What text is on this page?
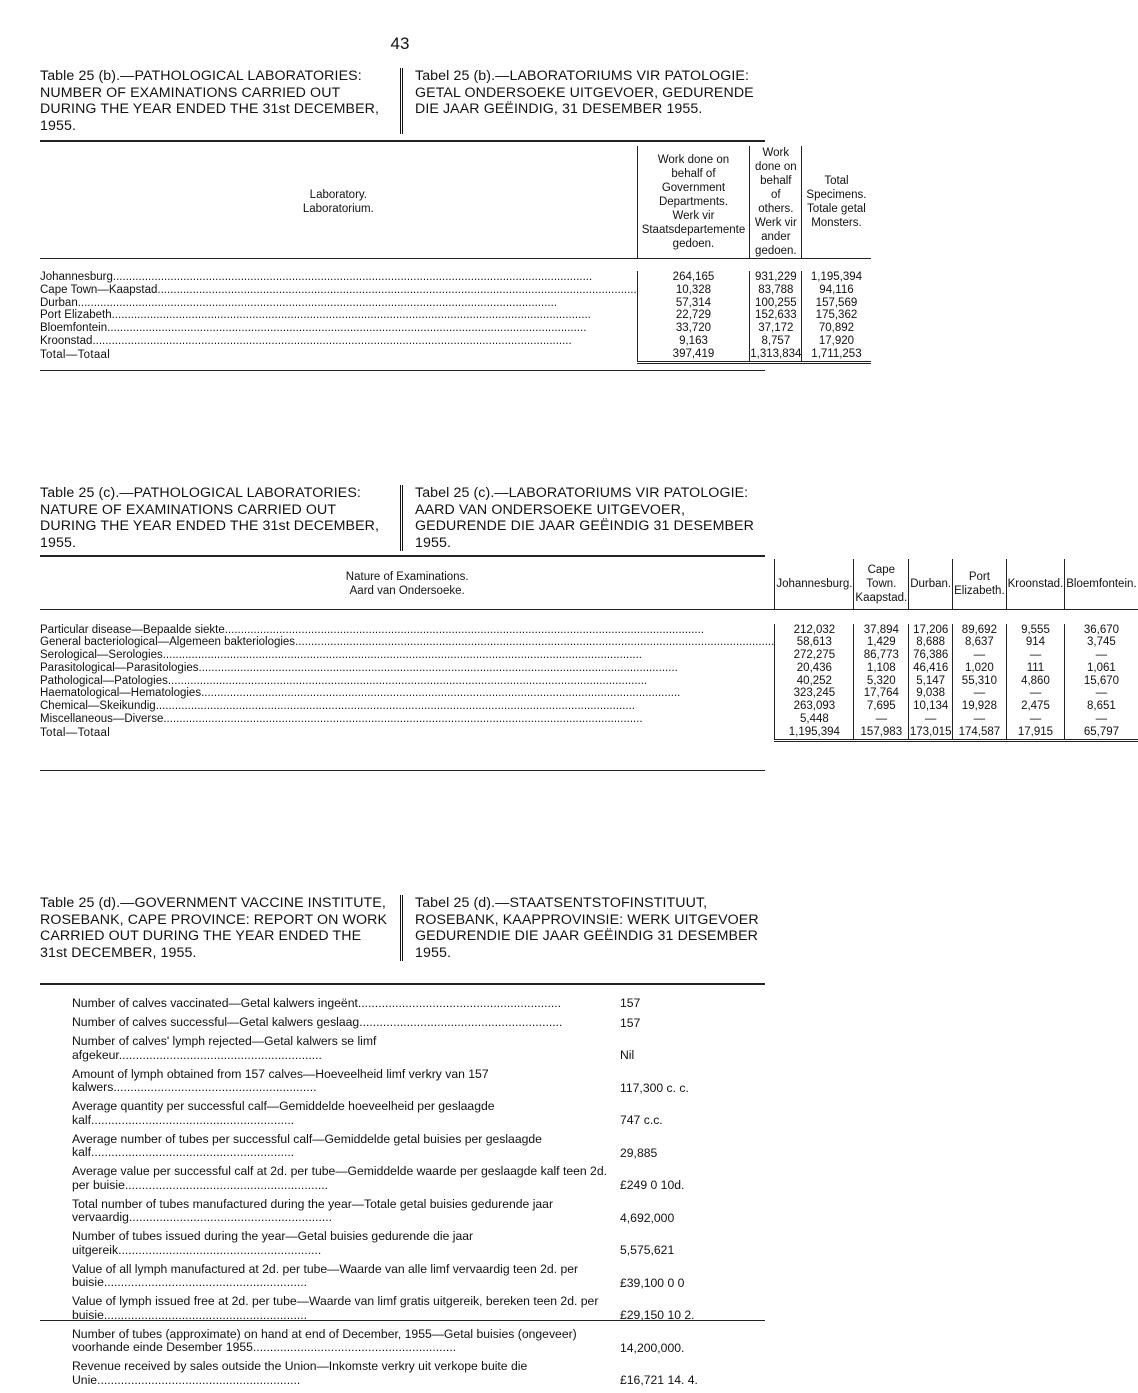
43
Table 25 (b).—PATHOLOGICAL LABORATORIES: NUMBER OF EXAMINATIONS CARRIED OUT DURING THE YEAR ENDED THE 31st DECEMBER, 1955.
Tabel 25 (b).—LABORATORIUMS VIR PATOLOGIE: GETAL ONDERSOEKE UITGEVOER, GEDURENDE DIE JAAR GEËINDIG, 31 DESEMBER 1955.
Laboratory.
Laboratorium.	Work done on behalf of Government Departments.
Werk vir Staatsdepartemente gedoen.	Work done on behalf of others.
Werk vir ander gedoen.	Total Specimens.
Totale getal Monsters.

Johannesburg......................................................................................................................................................	264,165	931,229	1,195,394
Cape Town—Kaapstad......................................................................................................................................................	10,328	83,788	94,116
Durban......................................................................................................................................................	57,314	100,255	157,569
Port Elizabeth......................................................................................................................................................	22,729	152,633	175,362
Bloemfontein......................................................................................................................................................	33,720	37,172	70,892
Kroonstad......................................................................................................................................................	9,163	8,757	17,920
Total—Totaal	397,419	1,313,834	1,711,253
Table 25 (c).—PATHOLOGICAL LABORATORIES: NATURE OF EXAMINATIONS CARRIED OUT DURING THE YEAR ENDED THE 31st DECEMBER, 1955.
Tabel 25 (c).—LABORATORIUMS VIR PATOLOGIE: AARD VAN ONDERSOEKE UITGEVOER, GEDURENDE DIE JAAR GEËINDIG 31 DESEMBER 1955.
Nature of Examinations.
Aard van Ondersoeke.	Johannesburg.	Cape Town. Kaapstad.	Durban.	Port Elizabeth.	Kroonstad.	Bloemfontein.

Particular disease—Bepaalde siekte......................................................................................................................................................	212,032	37,894	17,206	89,692	9,555	36,670
General bacteriological—Algemeen bakteriologies......................................................................................................................................................	58,613	1,429	8,688	8,637	914	3,745
Serological—Serologies......................................................................................................................................................	272,275	86,773	76,386	—	—	—
Parasitological—Parasitologies......................................................................................................................................................	20,436	1,108	46,416	1,020	111	1,061
Pathological—Patologies......................................................................................................................................................	40,252	5,320	5,147	55,310	4,860	15,670
Haematological—Hematologies......................................................................................................................................................	323,245	17,764	9,038	—	—	—
Chemical—Skeikundig......................................................................................................................................................	263,093	7,695	10,134	19,928	2,475	8,651
Miscellaneous—Diverse......................................................................................................................................................	5,448	—	—	—	—	—
Total—Totaal	1,195,394	157,983	173,015	174,587	17,915	65,797
Table 25 (d).—GOVERNMENT VACCINE INSTITUTE, ROSEBANK, CAPE PROVINCE: REPORT ON WORK CARRIED OUT DURING THE YEAR ENDED THE 31st DECEMBER, 1955.
Tabel 25 (d).—STAATSENTSTOFINSTITUUT, ROSEBANK, KAAPPROVINSIE: WERK UITGEVOER GEDURENDIE DIE JAAR GEËINDIG 31 DESEMBER 1955.
Number of calves vaccinated—Getal kalwers ingeënt............................................................	157
Number of calves successful—Getal kalwers geslaag............................................................	157
Number of calves' lymph rejected—Getal kalwers se limf afgekeur............................................................	Nil
Amount of lymph obtained from 157 calves—Hoeveelheid limf verkry van 157 kalwers............................................................	117,300 c. c.
Average quantity per successful calf—Gemiddelde hoeveelheid per geslaagde kalf............................................................	747 c.c.
Average number of tubes per successful calf—Gemiddelde getal buisies per geslaagde kalf............................................................	29,885
Average value per successful calf at 2d. per tube—Gemiddelde waarde per geslaagde kalf teen 2d. per buisie............................................................	£249 0 10d.
Total number of tubes manufactured during the year—Totale getal buisies gedurende jaar vervaardig............................................................	4,692,000
Number of tubes issued during the year—Getal buisies gedurende die jaar uitgereik............................................................	5,575,621
Value of all lymph manufactured at 2d. per tube—Waarde van alle limf vervaardig teen 2d. per buisie............................................................	£39,100 0 0
Value of lymph issued free at 2d. per tube—Waarde van limf gratis uitgereik, bereken teen 2d. per buisie............................................................	£29,150 10 2.
Number of tubes (approximate) on hand at end of December, 1955—Getal buisies (ongeveer) voorhande einde Desember 1955............................................................	14,200,000.
Revenue received by sales outside the Union—Inkomste verkry uit verkope buite die Unie............................................................	£16,721 14. 4.
